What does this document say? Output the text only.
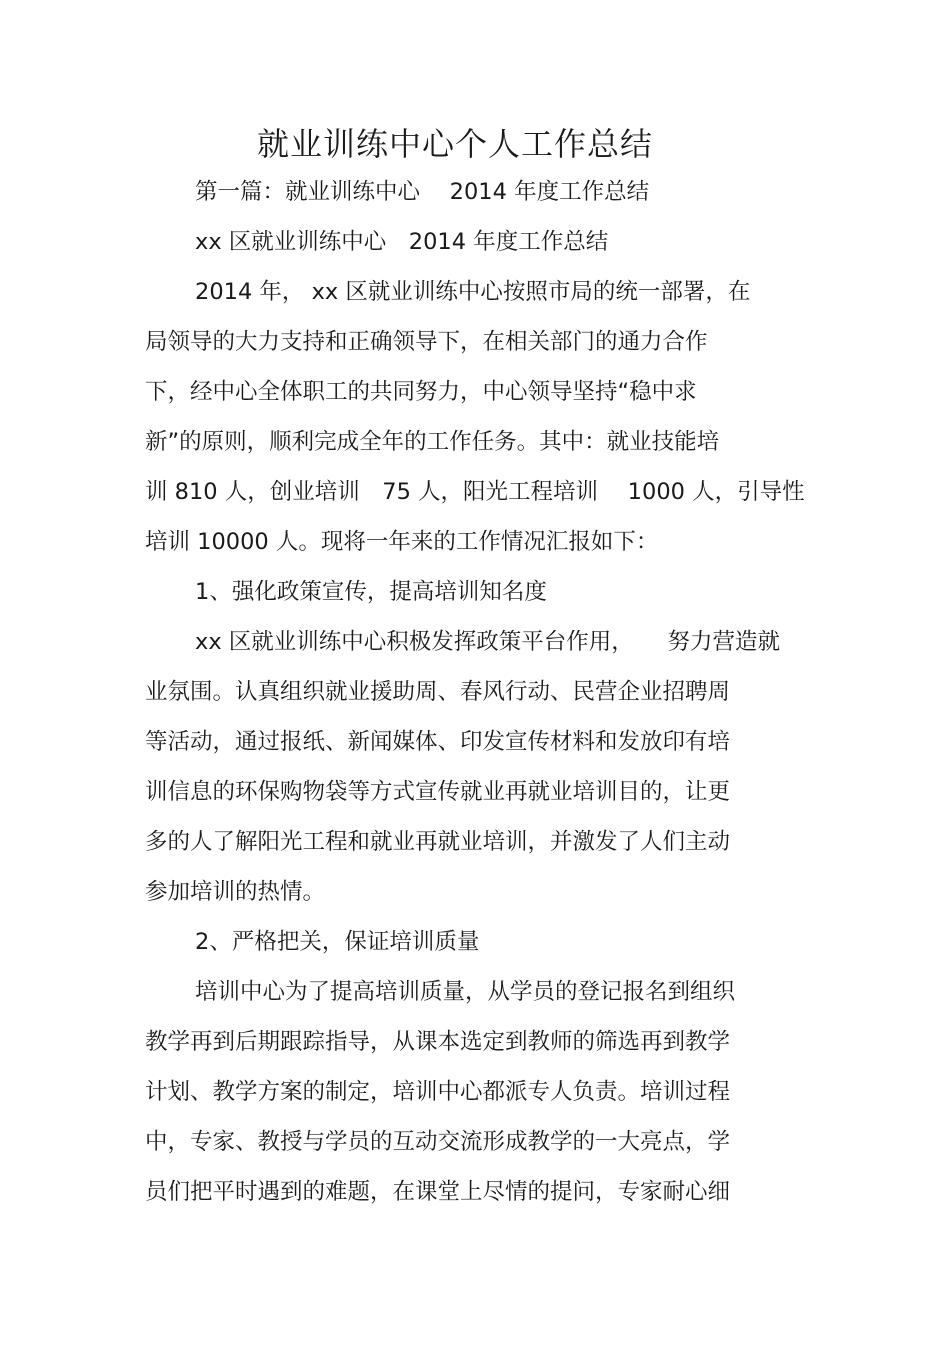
就业训练中心个人工作总结
第一篇：就业训练中心　 2014 年度工作总结
xx 区就业训练中心　2014 年度工作总结
2014 年， xx 区就业训练中心按照市局的统一部署，在
局领导的大力支持和正确领导下，在相关部门的通力合作
下，经中心全体职工的共同努力，中心领导坚持“稳中求
新”的原则，顺利完成全年的工作任务。其中：就业技能培
训 810 人，创业培训　75 人，阳光工程培训　 1000 人，引导性
培训 10000 人。现将一年来的工作情况汇报如下：
1、强化政策宣传，提高培训知名度
xx 区就业训练中心积极发挥政策平台作用，　　努力营造就
业氛围。认真组织就业援助周、春风行动、民营企业招聘周
等活动，通过报纸、新闻媒体、印发宣传材料和发放印有培
训信息的环保购物袋等方式宣传就业再就业培训目的，让更
多的人了解阳光工程和就业再就业培训，并激发了人们主动
参加培训的热情。
2、严格把关，保证培训质量
培训中心为了提高培训质量，从学员的登记报名到组织
教学再到后期跟踪指导，从课本选定到教师的筛选再到教学
计划、教学方案的制定，培训中心都派专人负责。培训过程
中，专家、教授与学员的互动交流形成教学的一大亮点，学
员们把平时遇到的难题，在课堂上尽情的提问，专家耐心细
